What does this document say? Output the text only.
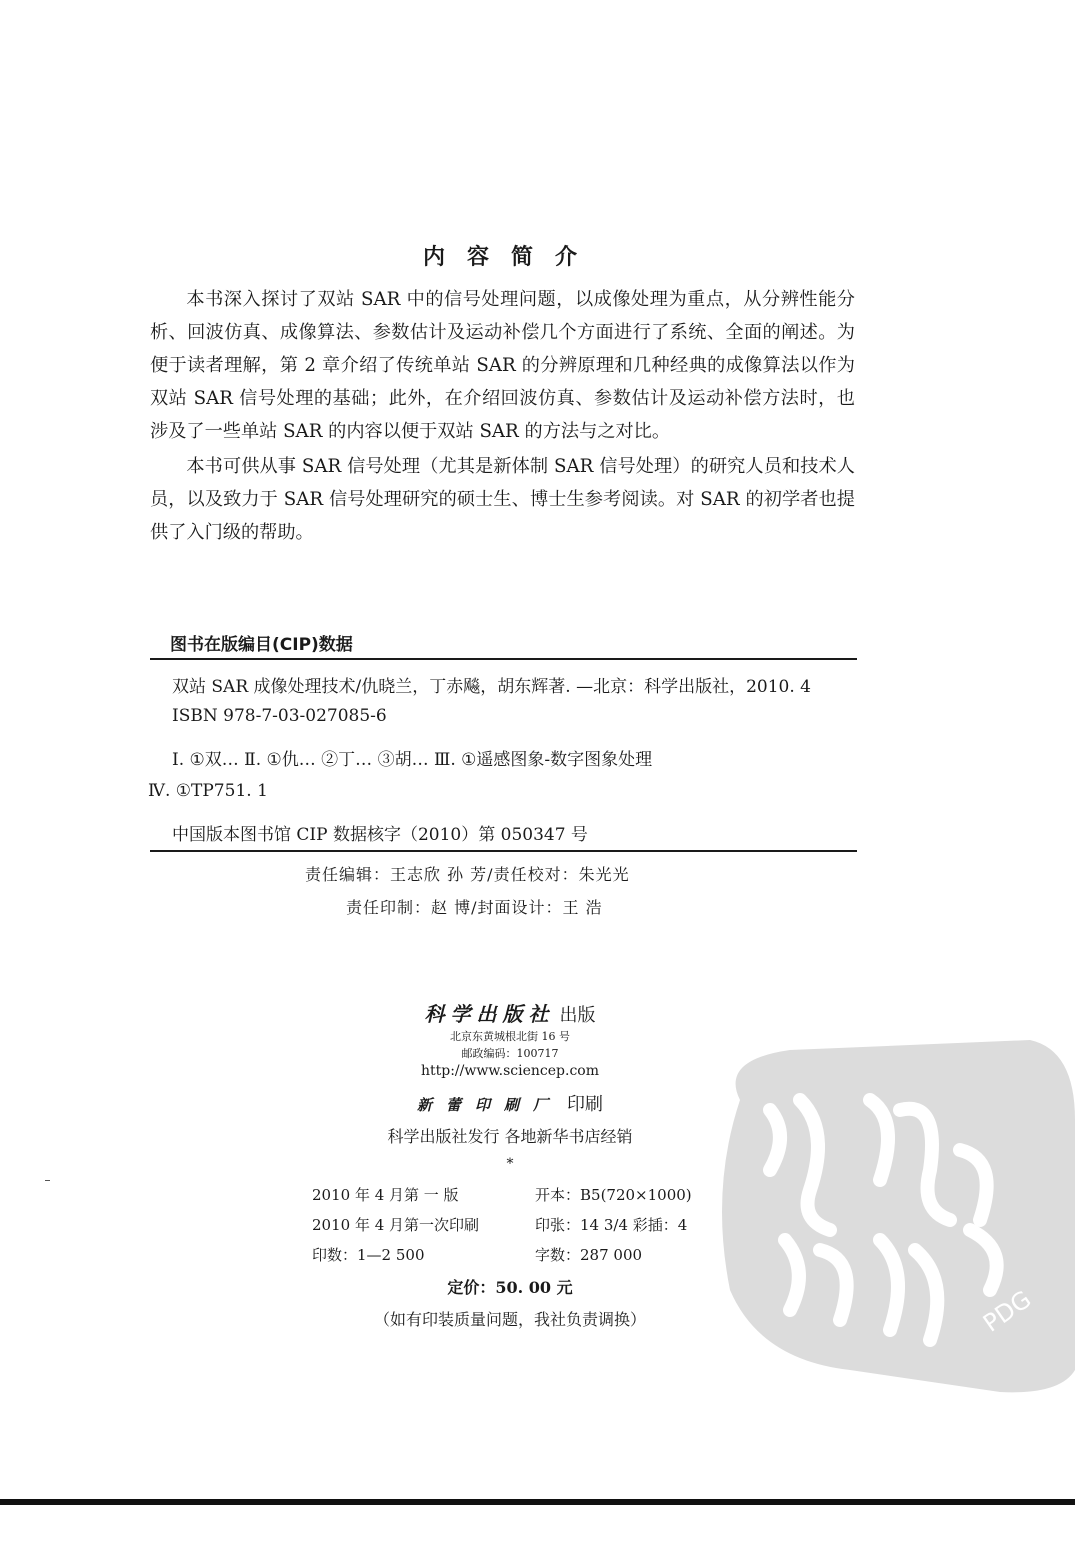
内 容 简 介

本书深入探讨了双站 SAR 中的信号处理问题，以成像处理为重点，从分辨性能分析、回波仿真、成像算法、参数估计及运动补偿几个方面进行了系统、全面的阐述。为便于读者理解，第 2 章介绍了传统单站 SAR 的分辨原理和几种经典的成像算法以作为双站 SAR 信号处理的基础；此外，在介绍回波仿真、参数估计及运动补偿方法时，也涉及了一些单站 SAR 的内容以便于双站 SAR 的方法与之对比。

本书可供从事 SAR 信号处理（尤其是新体制 SAR 信号处理）的研究人员和技术人员，以及致力于 SAR 信号处理研究的硕士生、博士生参考阅读。对 SAR 的初学者也提供了入门级的帮助。

图书在版编目(CIP)数据
双站 SAR 成像处理技术/仇晓兰，丁赤飚，胡东辉著. —北京：科学出版社，2010. 4
ISBN 978-7-03-027085-6
Ⅰ. ①双… Ⅱ. ①仇… ②丁… ③胡… Ⅲ. ①遥感图象-数字图象处理
Ⅳ. ①TP751. 1
中国版本图书馆 CIP 数据核字（2010）第 050347 号
责任编辑：王志欣 孙 芳/责任校对：朱光光
责任印制：赵 博/封面设计：王 浩
科学出版社 出版
北京东黄城根北街 16 号
邮政编码：100717
http://www.sciencep.com
新蕾印刷厂 印刷
科学出版社发行 各地新华书店经销
*
2010 年 4 月第 一 版	开本：B5(720×1000)
2010 年 4 月第一次印刷	印张：14 3/4 彩插：4
印数：1—2 500	字数：287 000
定价：50. 00 元
（如有印装质量问题，我社负责调换）	PDG
